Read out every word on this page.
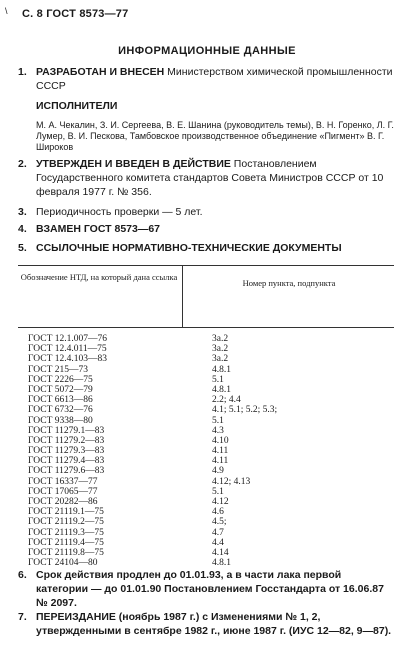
\ С. 8 ГОСТ 8573—77
ИНФОРМАЦИОННЫЕ ДАННЫЕ
1. РАЗРАБОТАН И ВНЕСЕН Министерством химической промышленности СССР
ИСПОЛНИТЕЛИ
М. А. Чекалин, З. И. Сергеева, В. Е. Шанина (руководитель темы), В. Н. Горенко, Л. Г. Лумер, В. И. Пескова, Тамбовское производственное объединение «Пигмент» В. Г. Широков
2. УТВЕРЖДЕН И ВВЕДЕН В ДЕЙСТВИЕ Постановлением Государственного комитета стандартов Совета Министров СССР от 10 февраля 1977 г. № 356.
3. Периодичность проверки — 5 лет.
4. ВЗАМЕН ГОСТ 8573—67
5. ССЫЛОЧНЫЕ НОРМАТИВНО-ТЕХНИЧЕСКИЕ ДОКУМЕНТЫ
Обозначение НТД, на который дана ссылка
Номер пункта, подпункта
ГОСТ 12.1.007—76	3а.2
ГОСТ 12.4.011—75	3а.2
ГОСТ 12.4.103—83	3а.2
ГОСТ 215—73	4.8.1
ГОСТ 2226—75	5.1
ГОСТ 5072—79	4.8.1
ГОСТ 6613—86	2.2; 4.4
ГОСТ 6732—76	4.1; 5.1; 5.2; 5.3;
ГОСТ 9338—80	5.1
ГОСТ 11279.1—83	4.3
ГОСТ 11279.2—83	4.10
ГОСТ 11279.3—83	4.11
ГОСТ 11279.4—83	4.11
ГОСТ 11279.6—83	4.9
ГОСТ 16337—77	4.12; 4.13
ГОСТ 17065—77	5.1
ГОСТ 20282—86	4.12
ГОСТ 21119.1—75	4.6
ГОСТ 21119.2—75	4.5;
ГОСТ 21119.3—75	4.7
ГОСТ 21119.4—75	4.4
ГОСТ 21119.8—75	4.14
ГОСТ 24104—80	4.8.1
6. Срок действия продлен до 01.01.93, а в части лака первой категории — до 01.01.90 Постановлением Госстандарта от 16.06.87 № 2097.
7. ПЕРЕИЗДАНИЕ (ноябрь 1987 г.) с Изменениями № 1, 2, утвержденными в сентябре 1982 г., июне 1987 г. (ИУС 12—82, 9—87).
